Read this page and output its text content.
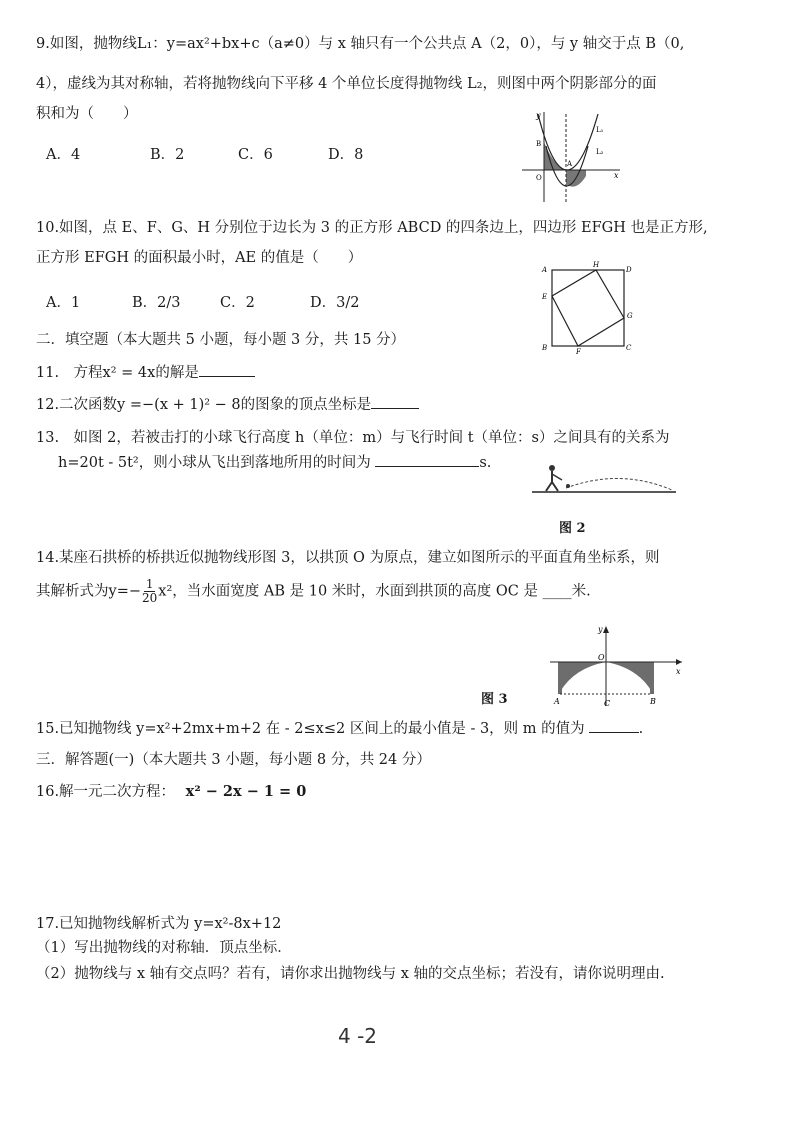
9.如图，抛物线L₁：y=ax²+bx+c（a≠0）与 x 轴只有一个公共点 A（2，0），与 y 轴交于点 B（0,
4），虚线为其对称轴，若将抛物线向下平移 4 个单位长度得抛物线 L₂，则图中两个阴影部分的面
积和为（　　）
A．4	B．2	C．6	D．8
y
x
L₁
L₂
B
O
A
10.如图，点 E、F、G、H 分别位于边长为 3 的正方形 ABCD 的四条边上，四边形 EFGH 也是正方形,
正方形 EFGH 的面积最小时，AE 的值是（　　）
A．1	B．2/3	C．2	D．3/2
A
H
D
E
G
B	F	C
二．填空题（本大题共 5 小题，每小题 3 分，共 15 分）
11.　方程x² = 4x的解是
12.二次函数y =−(x + 1)² − 8的图象的顶点坐标是
13.　如图 2，若被击打的小球飞行高度 h（单位：m）与飞行时间 t（单位：s）之间具有的关系为
h=20t - 5t²，则小球从飞出到落地所用的时间为	s.
图 2
14.某座石拱桥的桥拱近似抛物线形图 3，以拱顶 O 为原点，建立如图所示的平面直角坐标系，则
其解析式为$y=- \frac{1}{20} x^2$，当水面宽度 AB 是 10 米时，水面到拱顶的高度 OC 是 ____米.
y
x
O
A	C	B
图 3
15.已知抛物线 y=x²+2mx+m+2 在 - 2≤x≤2 区间上的最小值是 - 3，则 m 的值为	.
三．解答题(一)（本大题共 3 小题，每小题 8 分，共 24 分）
16.解一元二次方程： x² − 2x − 1 = 0
17.已知抛物线解析式为 y=x²-8x+12
（1）写出抛物线的对称轴．顶点坐标．
（2）抛物线与 x 轴有交点吗？若有，请你求出抛物线与 x 轴的交点坐标；若没有，请你说明理由.
4 -2
